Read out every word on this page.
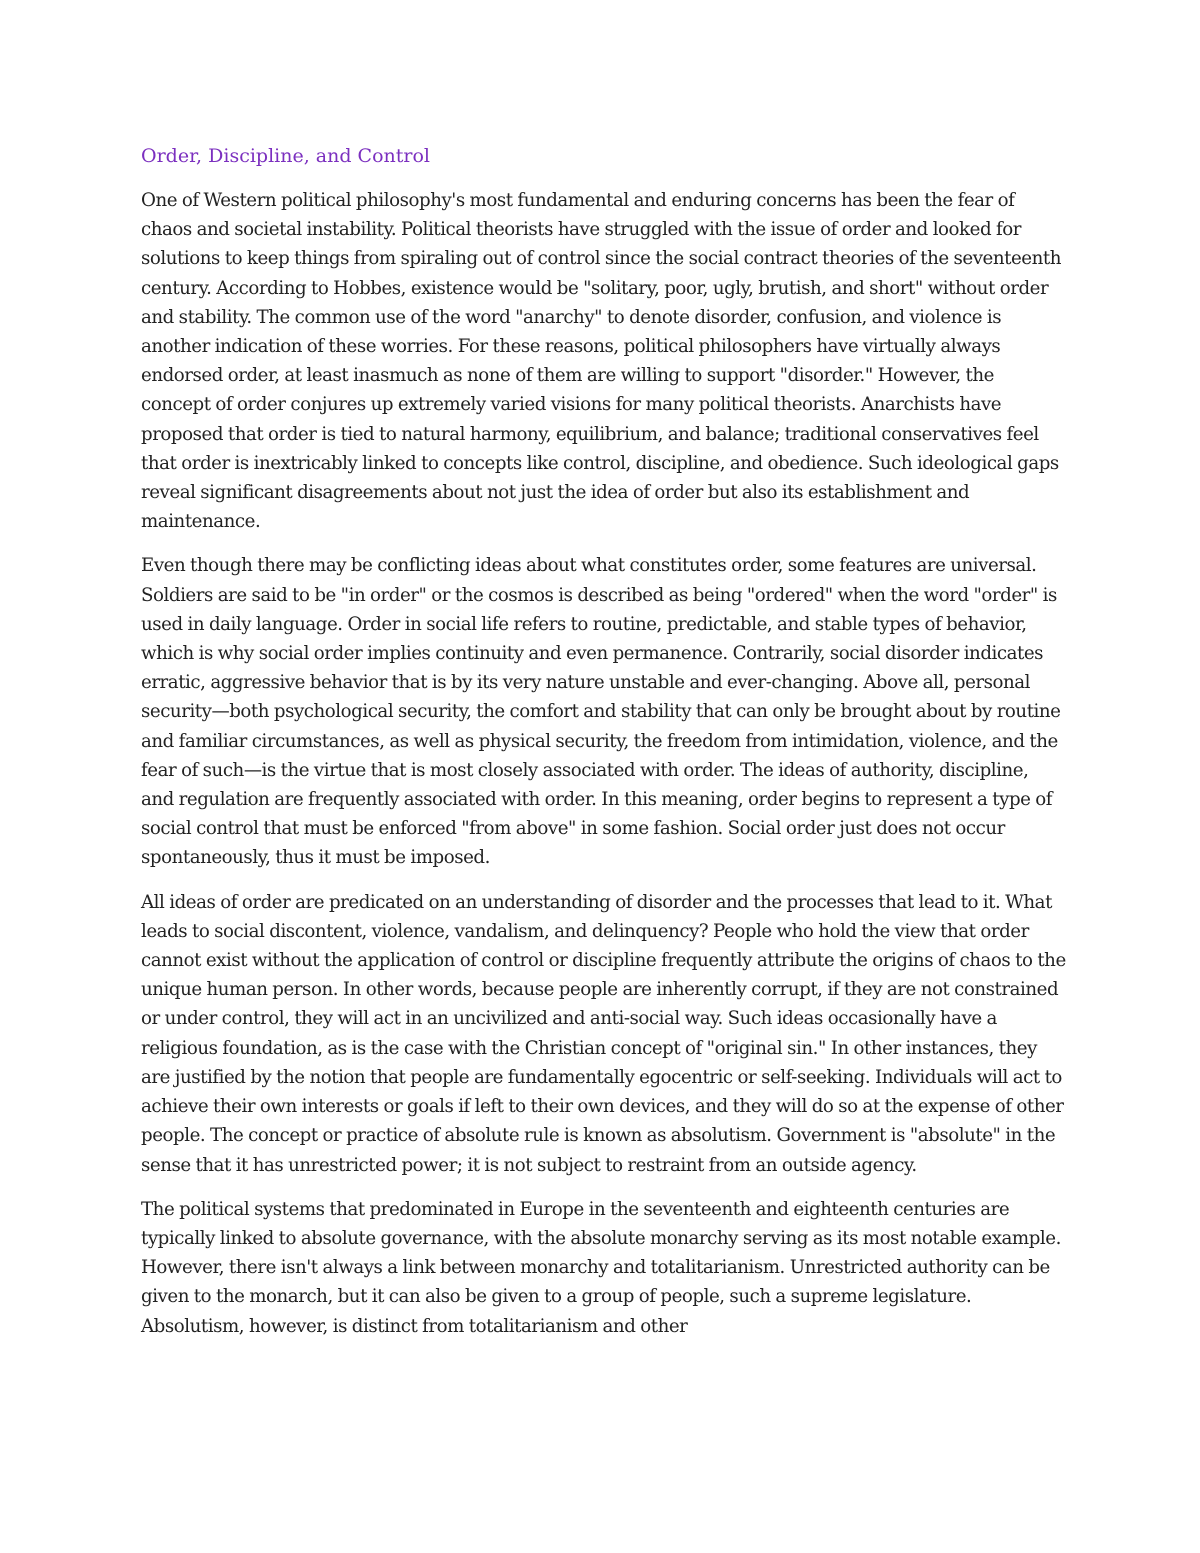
Order, Discipline, and Control

One of Western political philosophy's most fundamental and enduring concerns has been the fear of chaos and societal instability. Political theorists have struggled with the issue of order and looked for solutions to keep things from spiraling out of control since the social contract theories of the seventeenth century. According to Hobbes, existence would be "solitary, poor, ugly, brutish, and short" without order and stability. The common use of the word "anarchy" to denote disorder, confusion, and violence is another indication of these worries. For these reasons, political philosophers have virtually always endorsed order, at least inasmuch as none of them are willing to support "disorder." However, the concept of order conjures up extremely varied visions for many political theorists. Anarchists have proposed that order is tied to natural harmony, equilibrium, and balance; traditional conservatives feel that order is inextricably linked to concepts like control, discipline, and obedience. Such ideological gaps reveal significant disagreements about not just the idea of order but also its establishment and maintenance.

Even though there may be conflicting ideas about what constitutes order, some features are universal. Soldiers are said to be "in order" or the cosmos is described as being "ordered" when the word "order" is used in daily language. Order in social life refers to routine, predictable, and stable types of behavior, which is why social order implies continuity and even permanence. Contrarily, social disorder indicates erratic, aggressive behavior that is by its very nature unstable and ever-changing. Above all, personal security—both psychological security, the comfort and stability that can only be brought about by routine and familiar circumstances, as well as physical security, the freedom from intimidation, violence, and the fear of such—is the virtue that is most closely associated with order. The ideas of authority, discipline, and regulation are frequently associated with order. In this meaning, order begins to represent a type of social control that must be enforced "from above" in some fashion. Social order just does not occur spontaneously, thus it must be imposed.

All ideas of order are predicated on an understanding of disorder and the processes that lead to it. What leads to social discontent, violence, vandalism, and delinquency? People who hold the view that order cannot exist without the application of control or discipline frequently attribute the origins of chaos to the unique human person. In other words, because people are inherently corrupt, if they are not constrained or under control, they will act in an uncivilized and anti-social way. Such ideas occasionally have a religious foundation, as is the case with the Christian concept of "original sin." In other instances, they are justified by the notion that people are fundamentally egocentric or self-seeking. Individuals will act to achieve their own interests or goals if left to their own devices, and they will do so at the expense of other people. The concept or practice of absolute rule is known as absolutism. Government is "absolute" in the sense that it has unrestricted power; it is not subject to restraint from an outside agency.

The political systems that predominated in Europe in the seventeenth and eighteenth centuries are typically linked to absolute governance, with the absolute monarchy serving as its most notable example. However, there isn't always a link between monarchy and totalitarianism. Unrestricted authority can be given to the monarch, but it can also be given to a group of people, such a supreme legislature. Absolutism, however, is distinct from totalitarianism and other
